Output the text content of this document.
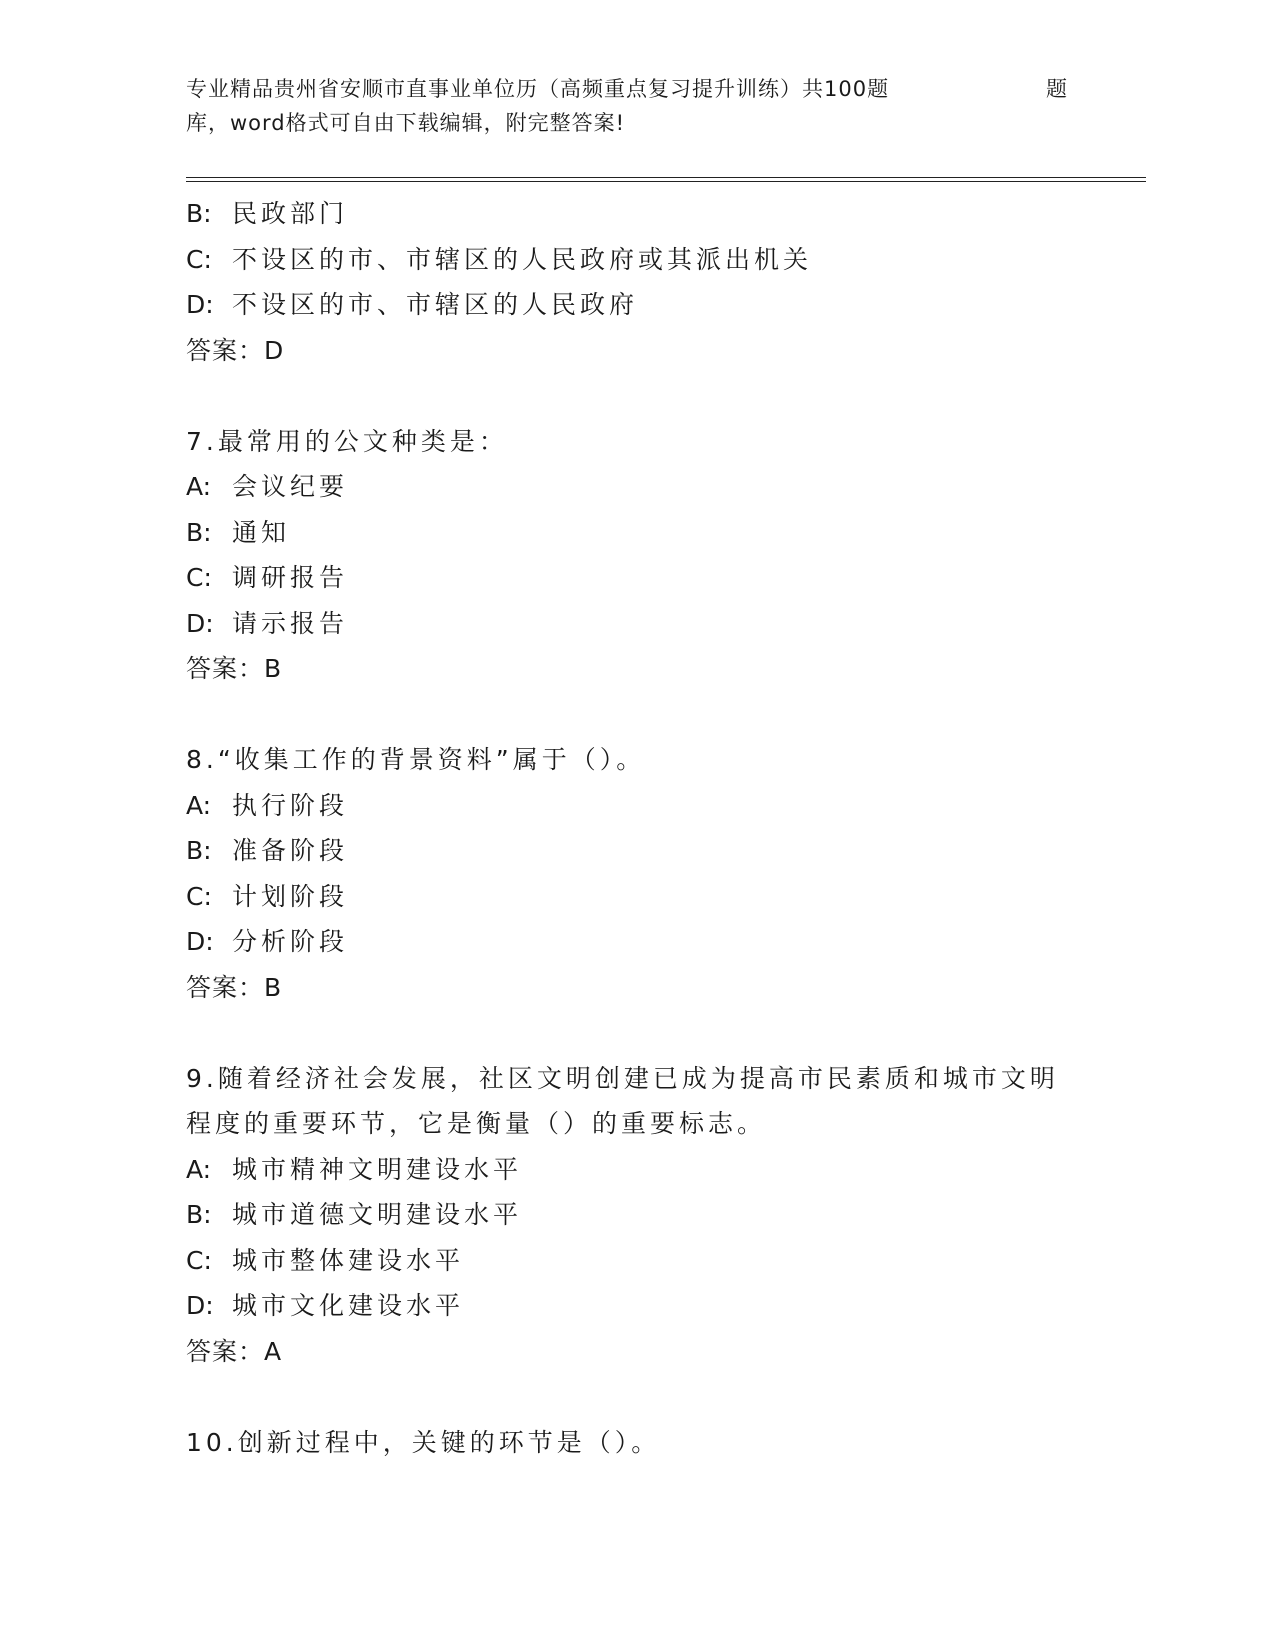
专业精品贵州省安顺市直事业单位历（高频重点复习提升训练）共100题	题
库，word格式可自由下载编辑，附完整答案!
B: 民政部门
C: 不设区的市、市辖区的人民政府或其派出机关
D: 不设区的市、市辖区的人民政府
答案：D
7.最常用的公文种类是：
A: 会议纪要
B: 通知
C: 调研报告
D: 请示报告
答案：B
8.“收集工作的背景资料”属于（）。
A: 执行阶段
B: 准备阶段
C: 计划阶段
D: 分析阶段
答案：B
9.随着经济社会发展，社区文明创建已成为提高市民素质和城市文明
程度的重要环节，它是衡量（）的重要标志。
A: 城市精神文明建设水平
B: 城市道德文明建设水平
C: 城市整体建设水平
D: 城市文化建设水平
答案：A
10.创新过程中，关键的环节是（）。
